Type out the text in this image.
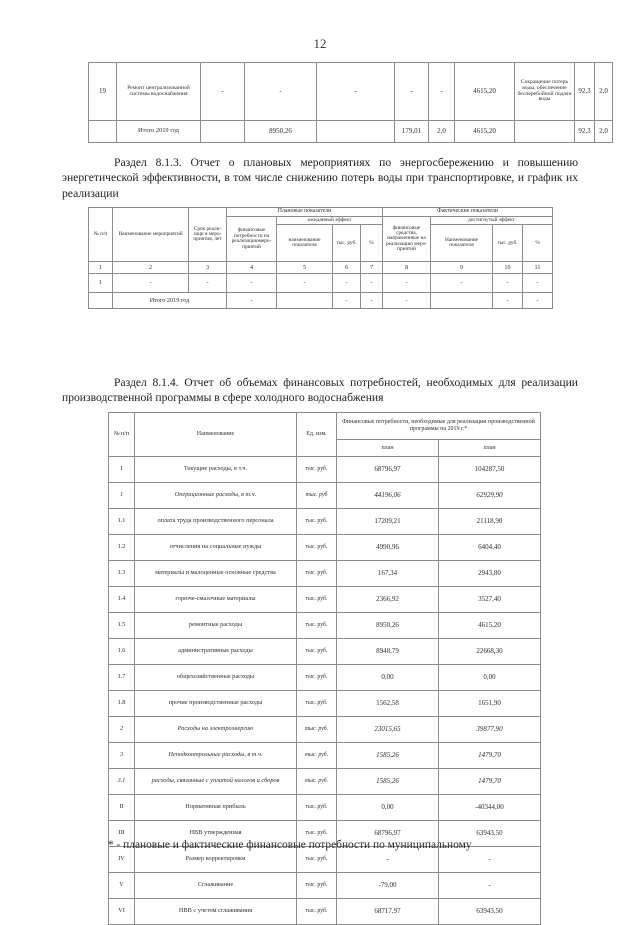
12
19	Ремонт централизованной системы водоснабжения	-	-	-	-	-	4615,20	Сокращение потерь воды, обеспечение бесперебойной подачи воды	92,3	2,0
	Итого 2019 год		8950,26		179,01	2,0	4615,20		92,3	2,0
Раздел 8.1.3. Отчет о плановых мероприятиях по энергосбережению и повышению энергетической эффективности, в том числе снижению потерь воды при транспортировке, и график их реализации
№ п/п	Наименование мероприятий	Срок реализaци я мероприятия, лет	Плановые показатели				Фактические показатели			
			финансовые потребности на реализациюмероприятий	ожидаемый эффект			финансовые средства, направленные на реализацию мероприятий	достигнутый эффект		
				наименование показателя	тыс. руб.	%		Наименование показателя	тыс. руб.	%
1	2	3	4	5	6	7	8	9	10	11
1	-	-	-	-	-	-	-	-	-	-
	Итого 2019 год		-		-	-	-		-	-
Раздел 8.1.4. Отчет об объемах финансовых потребностей, необходимых для реализации производственной программы в сфере холодного водоснабжения
№ п/п	Наименование	Ед. изм.	Финансовые потребности, необходимые для реализации производственной программы на 2019 г.*	
			план	план
I	Текущие расходы, в т.ч.	тыс. руб.	68796,97	104287,50
1	Операционные расходы, в т.ч.	тыс. руб	44196,06	62929,90
1.1	оплата труда производственного персонала	тыс. руб.	17209,21	21118,90
1.2	отчисления на социальные нужды	тыс. руб.	4990,96	6404,40
1.3	материалы и малоценные основные средства	тыс. руб.	167,34	2943,80
1.4	горюче-смазочные материалы	тыс. руб.	2366,92	3527,40
1.5	ремонтные расходы	тыс. руб.	8950,26	4615,20
1.6	административные расходы	тыс. руб.	8948,79	22668,30
1.7	общехозяйственные расходы	тыс. руб.	0,00	0,00
1.8	прочие производственные расходы	тыс. руб.	1562,58	1651,90
2	Расходы на электроэнергию	тыс. руб.	23015,65	39877,90
3	Неподконтрольные расходы, в т.ч.	тыс. руб.	1585,26	1479,70
3.1	расходы, связанные с уплатой налогов и сборов	тыс. руб.	1585,26	1479,70
II	Нормативная прибыль	тыс. руб.	0,00	-40344,00
III	НВВ утвержденная	тыс. руб.	68796,97	63943,50
IV	Размер корректировки	тыс. руб.	-	-
V	Сглаживание	тыс. руб.	-79,00	-
VI	НВВ с учетом сглаживания	тыс. руб.	68717,97	63943,50
* - плановые и фактические финансовые потребности по муниципальному
